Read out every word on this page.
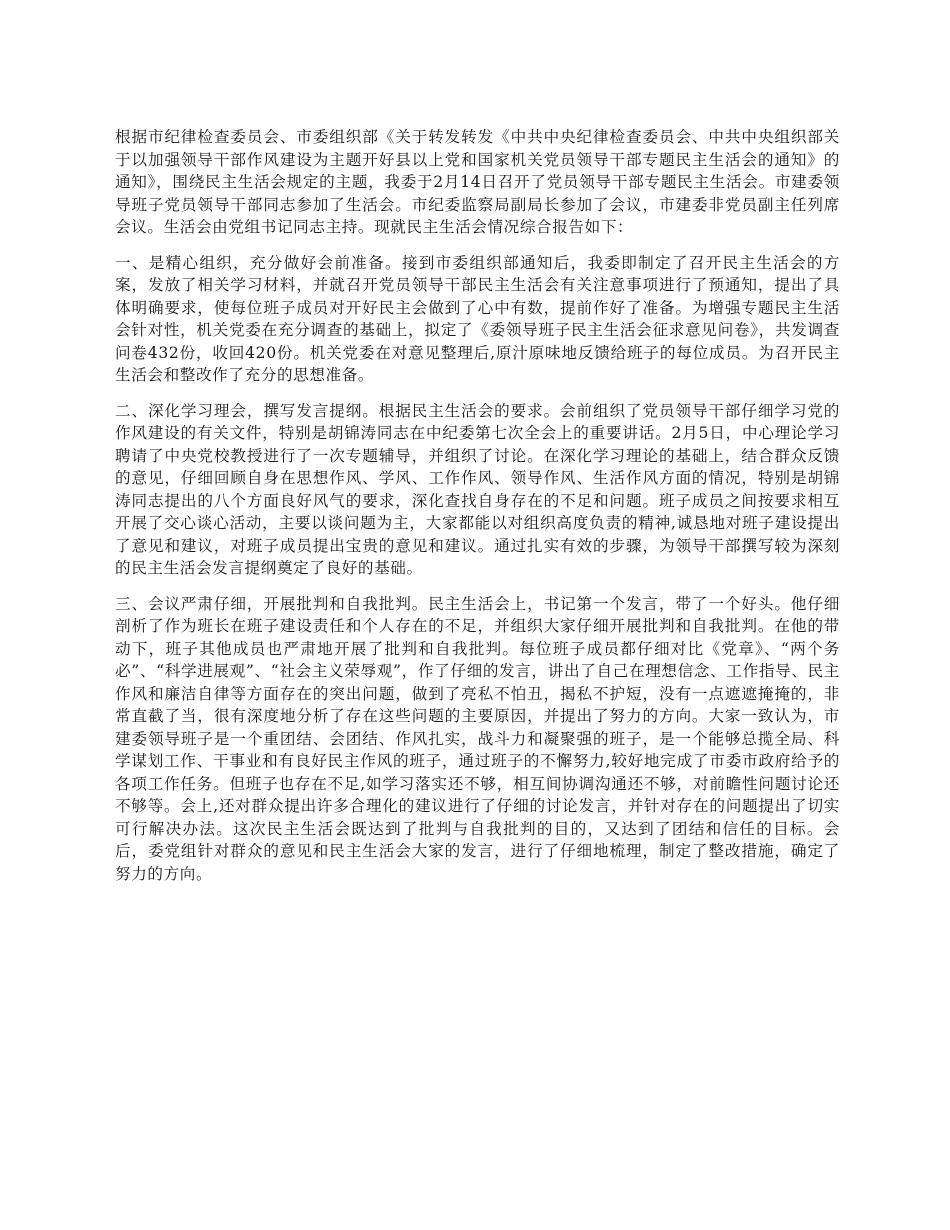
根据市纪律检查委员会、市委组织部《关于转发转发《中共中央纪律检查委员会、中共中央组织部关于以加强领导干部作风建设为主题开好县以上党和国家机关党员领导干部专题民主生活会的通知》的通知》，围绕民主生活会规定的主题，我委于2月14日召开了党员领导干部专题民主生活会。市建委领导班子党员领导干部同志参加了生活会。市纪委监察局副局长参加了会议，市建委非党员副主任列席会议。生活会由党组书记同志主持。现就民主生活会情况综合报告如下：

一、是精心组织，充分做好会前准备。接到市委组织部通知后，我委即制定了召开民主生活会的方案，发放了相关学习材料，并就召开党员领导干部民主生活会有关注意事项进行了预通知，提出了具体明确要求，使每位班子成员对开好民主会做到了心中有数，提前作好了准备。为增强专题民主生活会针对性，机关党委在充分调查的基础上，拟定了《委领导班子民主生活会征求意见问卷》，共发调查问卷432份，收回420份。机关党委在对意见整理后,原汁原味地反馈给班子的每位成员。为召开民主生活会和整改作了充分的思想准备。

二、深化学习理会，撰写发言提纲。根据民主生活会的要求。会前组织了党员领导干部仔细学习党的作风建设的有关文件，特别是胡锦涛同志在中纪委第七次全会上的重要讲话。2月5日，中心理论学习聘请了中央党校教授进行了一次专题辅导，并组织了讨论。在深化学习理论的基础上，结合群众反馈的意见，仔细回顾自身在思想作风、学风、工作作风、领导作风、生活作风方面的情况，特别是胡锦涛同志提出的八个方面良好风气的要求，深化查找自身存在的不足和问题。班子成员之间按要求相互开展了交心谈心活动，主要以谈问题为主，大家都能以对组织高度负责的精神,诚恳地对班子建设提出了意见和建议，对班子成员提出宝贵的意见和建议。通过扎实有效的步骤，为领导干部撰写较为深刻的民主生活会发言提纲奠定了良好的基础。

三、会议严肃仔细，开展批判和自我批判。民主生活会上，书记第一个发言，带了一个好头。他仔细剖析了作为班长在班子建设责任和个人存在的不足，并组织大家仔细开展批判和自我批判。在他的带动下，班子其他成员也严肃地开展了批判和自我批判。每位班子成员都仔细对比《党章》、“两个务必”、“科学进展观”、“社会主义荣辱观”，作了仔细的发言，讲出了自己在理想信念、工作指导、民主作风和廉洁自律等方面存在的突出问题，做到了亮私不怕丑，揭私不护短，没有一点遮遮掩掩的，非常直截了当，很有深度地分析了存在这些问题的主要原因，并提出了努力的方向。大家一致认为，市建委领导班子是一个重团结、会团结、作风扎实，战斗力和凝聚强的班子，是一个能够总揽全局、科学谋划工作、干事业和有良好民主作风的班子，通过班子的不懈努力,较好地完成了市委市政府给予的各项工作任务。但班子也存在不足,如学习落实还不够，相互间协调沟通还不够，对前瞻性问题讨论还不够等。会上,还对群众提出许多合理化的建议进行了仔细的讨论发言，并针对存在的问题提出了切实可行解决办法。这次民主生活会既达到了批判与自我批判的目的，又达到了团结和信任的目标。会后，委党组针对群众的意见和民主生活会大家的发言，进行了仔细地梳理，制定了整改措施，确定了努力的方向。
